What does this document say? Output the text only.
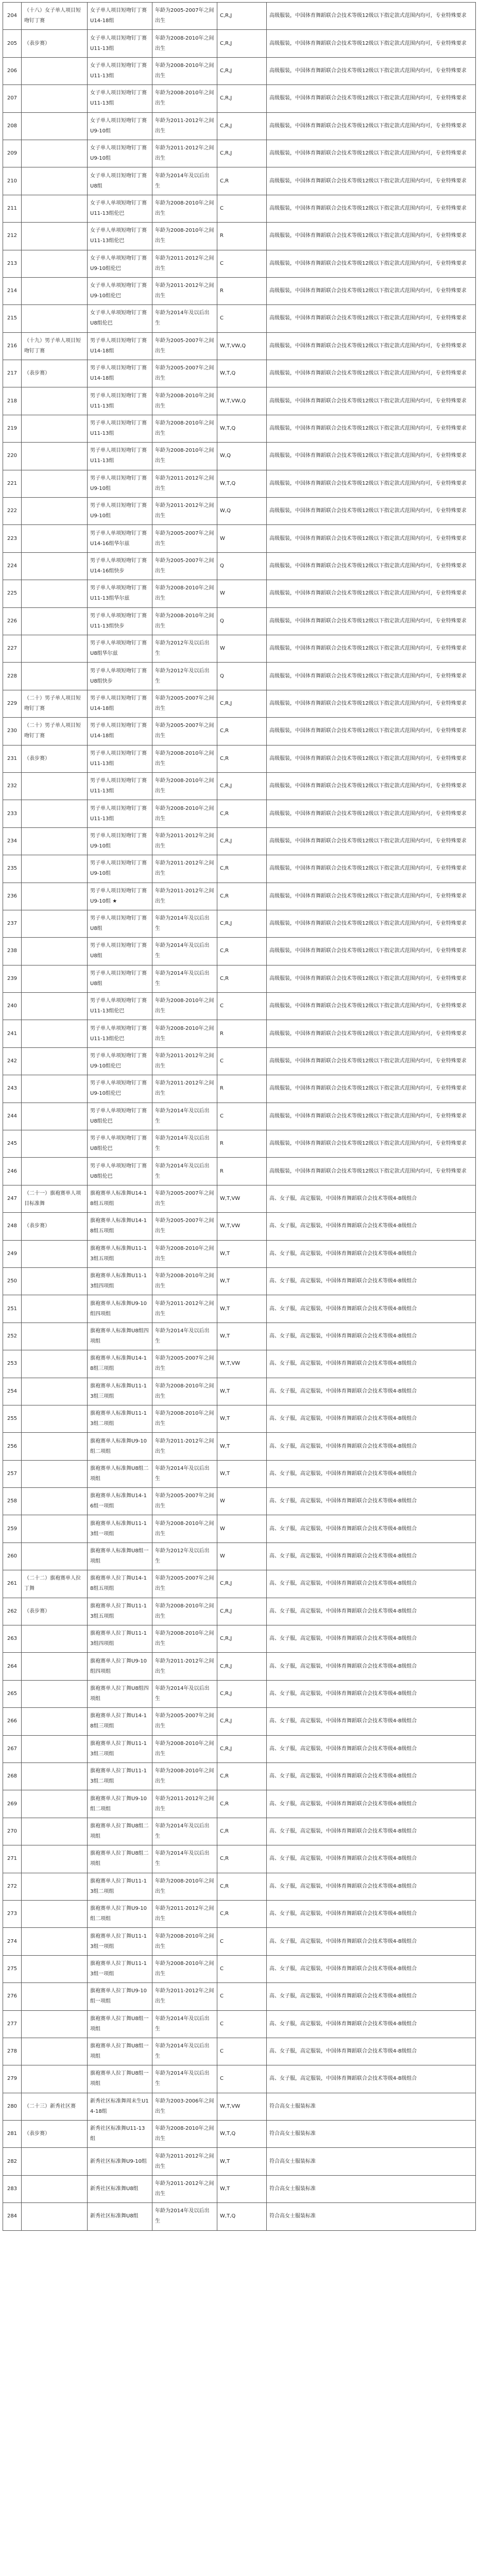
204	（十八）女子单人项目短吻钉丁赛	女子单人项目短吻钉丁赛U14-18组	年龄为2005-2007年之间出生	C,R,J	高级服装，中国体育舞蹈联合会技术等级12级以下指定款式范围内均可，专业特殊要求
205	（表步赛）	女子单人项目短吻钉丁赛U11-13组	年龄为2008-2010年之间出生	C,R,J	高级服装，中国体育舞蹈联合会技术等级12级以下指定款式范围内均可，专业特殊要求
206		女子单人项目短吻钉丁赛U11-13组	年龄为2008-2010年之间出生	C,R,J	高级服装，中国体育舞蹈联合会技术等级12级以下指定款式范围内均可，专业特殊要求
207		女子单人项目短吻钉丁赛U11-13组	年龄为2008-2010年之间出生	C,R,J	高级服装，中国体育舞蹈联合会技术等级12级以下指定款式范围内均可，专业特殊要求
208		女子单人项目短吻钉丁赛U9-10组	年龄为2011-2012年之间出生	C,R,J	高级服装，中国体育舞蹈联合会技术等级12级以下指定款式范围内均可，专业特殊要求
209		女子单人项目短吻钉丁赛U9-10组	年龄为2011-2012年之间出生	C,R,J	高级服装，中国体育舞蹈联合会技术等级12级以下指定款式范围内均可，专业特殊要求
210		女子单人项目短吻钉丁赛U8组	年龄为2014年及以后出生	C,R	高级服装，中国体育舞蹈联合会技术等级12级以下指定款式范围内均可，专业特殊要求
211		女子单人单项短吻钉丁赛U11-13组伦巴	年龄为2008-2010年之间出生	C	高级服装，中国体育舞蹈联合会技术等级12级以下指定款式范围内均可，专业特殊要求
212		女子单人单项短吻钉丁赛U11-13组伦巴	年龄为2008-2010年之间出生	R	高级服装，中国体育舞蹈联合会技术等级12级以下指定款式范围内均可，专业特殊要求
213		女子单人单项短吻钉丁赛U9-10组伦巴	年龄为2011-2012年之间出生	C	高级服装，中国体育舞蹈联合会技术等级12级以下指定款式范围内均可，专业特殊要求
214		女子单人单项短吻钉丁赛U9-10组伦巴	年龄为2011-2012年之间出生	R	高级服装，中国体育舞蹈联合会技术等级12级以下指定款式范围内均可，专业特殊要求
215		女子单人单项短吻钉丁赛U8组伦巴	年龄为2014年及以后出生	C	高级服装，中国体育舞蹈联合会技术等级12级以下指定款式范围内均可，专业特殊要求
216	（十九）男子单人项目短吻钉丁赛	男子单人项目短吻钉丁赛U14-18组	年龄为2005-2007年之间出生	W,T,VW,Q	高级服装，中国体育舞蹈联合会技术等级12级以下指定款式范围内均可，专业特殊要求
217	（表步赛）	男子单人项目短吻钉丁赛U14-18组	年龄为2005-2007年之间出生	W,T,Q	高级服装，中国体育舞蹈联合会技术等级12级以下指定款式范围内均可，专业特殊要求
218		男子单人项目短吻钉丁赛U11-13组	年龄为2008-2010年之间出生	W,T,VW,Q	高级服装，中国体育舞蹈联合会技术等级12级以下指定款式范围内均可，专业特殊要求
219		男子单人项目短吻钉丁赛U11-13组	年龄为2008-2010年之间出生	W,T,Q	高级服装，中国体育舞蹈联合会技术等级12级以下指定款式范围内均可，专业特殊要求
220		男子单人项目短吻钉丁赛U11-13组	年龄为2008-2010年之间出生	W,Q	高级服装，中国体育舞蹈联合会技术等级12级以下指定款式范围内均可，专业特殊要求
221		男子单人项目短吻钉丁赛U9-10组	年龄为2011-2012年之间出生	W,T,Q	高级服装，中国体育舞蹈联合会技术等级12级以下指定款式范围内均可，专业特殊要求
222		男子单人项目短吻钉丁赛U9-10组	年龄为2011-2012年之间出生	W,Q	高级服装，中国体育舞蹈联合会技术等级12级以下指定款式范围内均可，专业特殊要求
223		男子单人单项短吻钉丁赛U14-16组华尔兹	年龄为2005-2007年之间出生	W	高级服装，中国体育舞蹈联合会技术等级12级以下指定款式范围内均可，专业特殊要求
224		男子单人单项短吻钉丁赛U14-16组快步	年龄为2005-2007年之间出生	Q	高级服装，中国体育舞蹈联合会技术等级12级以下指定款式范围内均可，专业特殊要求
225		男子单人单项短吻钉丁赛U11-13组华尔兹	年龄为2008-2010年之间出生	W	高级服装，中国体育舞蹈联合会技术等级12级以下指定款式范围内均可，专业特殊要求
226		男子单人单项短吻钉丁赛U11-13组快步	年龄为2008-2010年之间出生	Q	高级服装，中国体育舞蹈联合会技术等级12级以下指定款式范围内均可，专业特殊要求
227		男子单人单项短吻钉丁赛U8组华尔兹	年龄为2012年及以后出生	W	高级服装，中国体育舞蹈联合会技术等级12级以下指定款式范围内均可，专业特殊要求
228		男子单人单项短吻钉丁赛U8组快步	年龄为2012年及以后出生	Q	高级服装，中国体育舞蹈联合会技术等级12级以下指定款式范围内均可，专业特殊要求
229	（二十）男子单人项目短吻钉丁赛	男子单人项目短吻钉丁赛U14-18组	年龄为2005-2007年之间出生	C,R,J	高级服装，中国体育舞蹈联合会技术等级12级以下指定款式范围内均可，专业特殊要求
230	（二十）男子单人项目短吻钉丁赛	男子单人项目短吻钉丁赛U14-18组	年龄为2005-2007年之间出生	C,R	高级服装，中国体育舞蹈联合会技术等级12级以下指定款式范围内均可，专业特殊要求
231	（表步赛）	男子单人项目短吻钉丁赛U11-13组	年龄为2008-2010年之间出生	C,R	高级服装，中国体育舞蹈联合会技术等级12级以下指定款式范围内均可，专业特殊要求
232		男子单人项目短吻钉丁赛U11-13组	年龄为2008-2010年之间出生	C,R,J	高级服装，中国体育舞蹈联合会技术等级12级以下指定款式范围内均可，专业特殊要求
233		男子单人项目短吻钉丁赛U11-13组	年龄为2008-2010年之间出生	C,R	高级服装，中国体育舞蹈联合会技术等级12级以下指定款式范围内均可，专业特殊要求
234		男子单人项目短吻钉丁赛U9-10组	年龄为2011-2012年之间出生	C,R,J	高级服装，中国体育舞蹈联合会技术等级12级以下指定款式范围内均可，专业特殊要求
235		男子单人项目短吻钉丁赛U9-10组	年龄为2011-2012年之间出生	C,R	高级服装，中国体育舞蹈联合会技术等级12级以下指定款式范围内均可，专业特殊要求
236		男子单人项目短吻钉丁赛U9-10组 ★	年龄为2011-2012年之间出生	C,R	高级服装，中国体育舞蹈联合会技术等级12级以下指定款式范围内均可，专业特殊要求
237		男子单人项目短吻钉丁赛U8组	年龄为2014年及以后出生	C,R,J	高级服装，中国体育舞蹈联合会技术等级12级以下指定款式范围内均可，专业特殊要求
238		男子单人项目短吻钉丁赛U8组	年龄为2014年及以后出生	C,R	高级服装，中国体育舞蹈联合会技术等级12级以下指定款式范围内均可，专业特殊要求
239		男子单人项目短吻钉丁赛U8组	年龄为2014年及以后出生	C,R	高级服装，中国体育舞蹈联合会技术等级12级以下指定款式范围内均可，专业特殊要求
240		男子单人单项短吻钉丁赛U11-13组伦巴	年龄为2008-2010年之间出生	C	高级服装，中国体育舞蹈联合会技术等级12级以下指定款式范围内均可，专业特殊要求
241		男子单人单项短吻钉丁赛U11-13组伦巴	年龄为2008-2010年之间出生	R	高级服装，中国体育舞蹈联合会技术等级12级以下指定款式范围内均可，专业特殊要求
242		男子单人单项短吻钉丁赛U9-10组伦巴	年龄为2011-2012年之间出生	C	高级服装，中国体育舞蹈联合会技术等级12级以下指定款式范围内均可，专业特殊要求
243		男子单人单项短吻钉丁赛U9-10组伦巴	年龄为2011-2012年之间出生	R	高级服装，中国体育舞蹈联合会技术等级12级以下指定款式范围内均可，专业特殊要求
244		男子单人单项短吻钉丁赛U8组伦巴	年龄为2014年及以后出生	C	高级服装，中国体育舞蹈联合会技术等级12级以下指定款式范围内均可，专业特殊要求
245		男子单人单项短吻钉丁赛U8组伦巴	年龄为2014年及以后出生	R	高级服装，中国体育舞蹈联合会技术等级12级以下指定款式范围内均可，专业特殊要求
246		男子单人单项短吻钉丁赛U8组伦巴	年龄为2014年及以后出生	R	高级服装，中国体育舞蹈联合会技术等级12级以下指定款式范围内均可，专业特殊要求
247	（二十一）旗袍赛单人项目标准舞	旗袍赛单人标准舞U14-18组五项组	年龄为2005-2007年之间出生	W,T,VW	高、女子服，高定服装，中国体育舞蹈联合会技术等级4-8级组合
248	（表步赛）	旗袍赛单人标准舞U14-18组五项组	年龄为2005-2007年之间出生	W,T,VW	高、女子服，高定服装，中国体育舞蹈联合会技术等级4-8级组合
249		旗袍赛单人标准舞U11-13组五项组	年龄为2008-2010年之间出生	W,T	高、女子服，高定服装，中国体育舞蹈联合会技术等级4-8级组合
250		旗袍赛单人标准舞U11-13组四项组	年龄为2008-2010年之间出生	W,T	高、女子服，高定服装，中国体育舞蹈联合会技术等级4-8级组合
251		旗袍赛单人标准舞U9-10组四项组	年龄为2011-2012年之间出生	W,T	高、女子服，高定服装，中国体育舞蹈联合会技术等级4-8级组合
252		旗袍赛单人标准舞U8组四项组	年龄为2014年及以后出生	W,T	高、女子服，高定服装，中国体育舞蹈联合会技术等级4-8级组合
253		旗袍赛单人标准舞U14-18组三项组	年龄为2005-2007年之间出生	W,T,VW	高、女子服，高定服装，中国体育舞蹈联合会技术等级4-8级组合
254		旗袍赛单人标准舞U11-13组三项组	年龄为2008-2010年之间出生	W,T	高、女子服，高定服装，中国体育舞蹈联合会技术等级4-8级组合
255		旗袍赛单人标准舞U11-13组二项组	年龄为2008-2010年之间出生	W,T	高、女子服，高定服装，中国体育舞蹈联合会技术等级4-8级组合
256		旗袍赛单人标准舞U9-10组二项组	年龄为2011-2012年之间出生	W,T	高、女子服，高定服装，中国体育舞蹈联合会技术等级4-8级组合
257		旗袍赛单人标准舞U8组二项组	年龄为2014年及以后出生	W,T	高、女子服，高定服装，中国体育舞蹈联合会技术等级4-8级组合
258		旗袍赛单人标准舞U14-16组一项组	年龄为2005-2007年之间出生	W	高、女子服，高定服装，中国体育舞蹈联合会技术等级4-8级组合
259		旗袍赛单人标准舞U11-13组一项组	年龄为2008-2010年之间出生	W	高、女子服，高定服装，中国体育舞蹈联合会技术等级4-8级组合
260		旗袍赛单人标准舞U8组一项组	年龄为2012年及以后出生	W	高、女子服，高定服装，中国体育舞蹈联合会技术等级4-8级组合
261	（二十二）旗袍赛单人拉丁舞	旗袍赛单人拉丁舞U14-18组五项组	年龄为2005-2007年之间出生	C,R,J	高、女子服，高定服装，中国体育舞蹈联合会技术等级4-8级组合
262	（表步赛）	旗袍赛单人拉丁舞U11-13组五项组	年龄为2008-2010年之间出生	C,R,J	高、女子服，高定服装，中国体育舞蹈联合会技术等级4-8级组合
263		旗袍赛单人拉丁舞U11-13组四项组	年龄为2008-2010年之间出生	C,R,J	高、女子服，高定服装，中国体育舞蹈联合会技术等级4-8级组合
264		旗袍赛单人拉丁舞U9-10组四项组	年龄为2011-2012年之间出生	C,R,J	高、女子服，高定服装，中国体育舞蹈联合会技术等级4-8级组合
265		旗袍赛单人拉丁舞U8组四项组	年龄为2014年及以后出生	C,R,J	高、女子服，高定服装，中国体育舞蹈联合会技术等级4-8级组合
266		旗袍赛单人拉丁舞U14-18组三项组	年龄为2005-2007年之间出生	C,R,J	高、女子服，高定服装，中国体育舞蹈联合会技术等级4-8级组合
267		旗袍赛单人拉丁舞U11-13组三项组	年龄为2008-2010年之间出生	C,R,J	高、女子服，高定服装，中国体育舞蹈联合会技术等级4-8级组合
268		旗袍赛单人拉丁舞U11-13组二项组	年龄为2008-2010年之间出生	C,R	高、女子服，高定服装，中国体育舞蹈联合会技术等级4-8级组合
269		旗袍赛单人拉丁舞U9-10组二项组	年龄为2011-2012年之间出生	C,R	高、女子服，高定服装，中国体育舞蹈联合会技术等级4-8级组合
270		旗袍赛单人拉丁舞U8组二项组	年龄为2014年及以后出生	C,R	高、女子服，高定服装，中国体育舞蹈联合会技术等级4-8级组合
271		旗袍赛单人拉丁舞U8组二项组	年龄为2014年及以后出生	C,R	高、女子服，高定服装，中国体育舞蹈联合会技术等级4-8级组合
272		旗袍赛单人拉丁舞U11-13组二项组	年龄为2008-2010年之间出生	C,R	高、女子服，高定服装，中国体育舞蹈联合会技术等级4-8级组合
273		旗袍赛单人拉丁舞U9-10组二项组	年龄为2011-2012年之间出生	C,R	高、女子服，高定服装，中国体育舞蹈联合会技术等级4-8级组合
274		旗袍赛单人拉丁舞U11-13组一项组	年龄为2008-2010年之间出生	C	高、女子服，高定服装，中国体育舞蹈联合会技术等级4-8级组合
275		旗袍赛单人拉丁舞U11-13组一项组	年龄为2008-2010年之间出生	C	高、女子服，高定服装，中国体育舞蹈联合会技术等级4-8级组合
276		旗袍赛单人拉丁舞U9-10组一项组	年龄为2011-2012年之间出生	C	高、女子服，高定服装，中国体育舞蹈联合会技术等级4-8级组合
277		旗袍赛单人拉丁舞U8组一项组	年龄为2014年及以后出生	C	高、女子服，高定服装，中国体育舞蹈联合会技术等级4-8级组合
278		旗袍赛单人拉丁舞U8组一项组	年龄为2014年及以后出生	C	高、女子服，高定服装，中国体育舞蹈联合会技术等级4-8级组合
279		旗袍赛单人拉丁舞U8组一项组	年龄为2014年及以后出生	C	高、女子服，高定服装，中国体育舞蹈联合会技术等级4-8级组合
280	（二十三）新秀社区赛	新秀社区标准舞周末生U14-18组	年龄为2003-2006年之间出生	W,T,VW	符合高女士服装标准
281	（表步赛）	新秀社区标准舞U11-13组	年龄为2008-2010年之间出生	W,T,Q	符合高女士服装标准
282		新秀社区标准舞U9-10组	年龄为2011-2012年之间出生	W,T	符合高女士服装标准
283		新秀社区标准舞U8组	年龄为2011-2012年之间出生	W,T	符合高女士服装标准
284		新秀社区标准舞U8组	年龄为2014年及以后出生	W,T,Q	符合高女士服装标准
